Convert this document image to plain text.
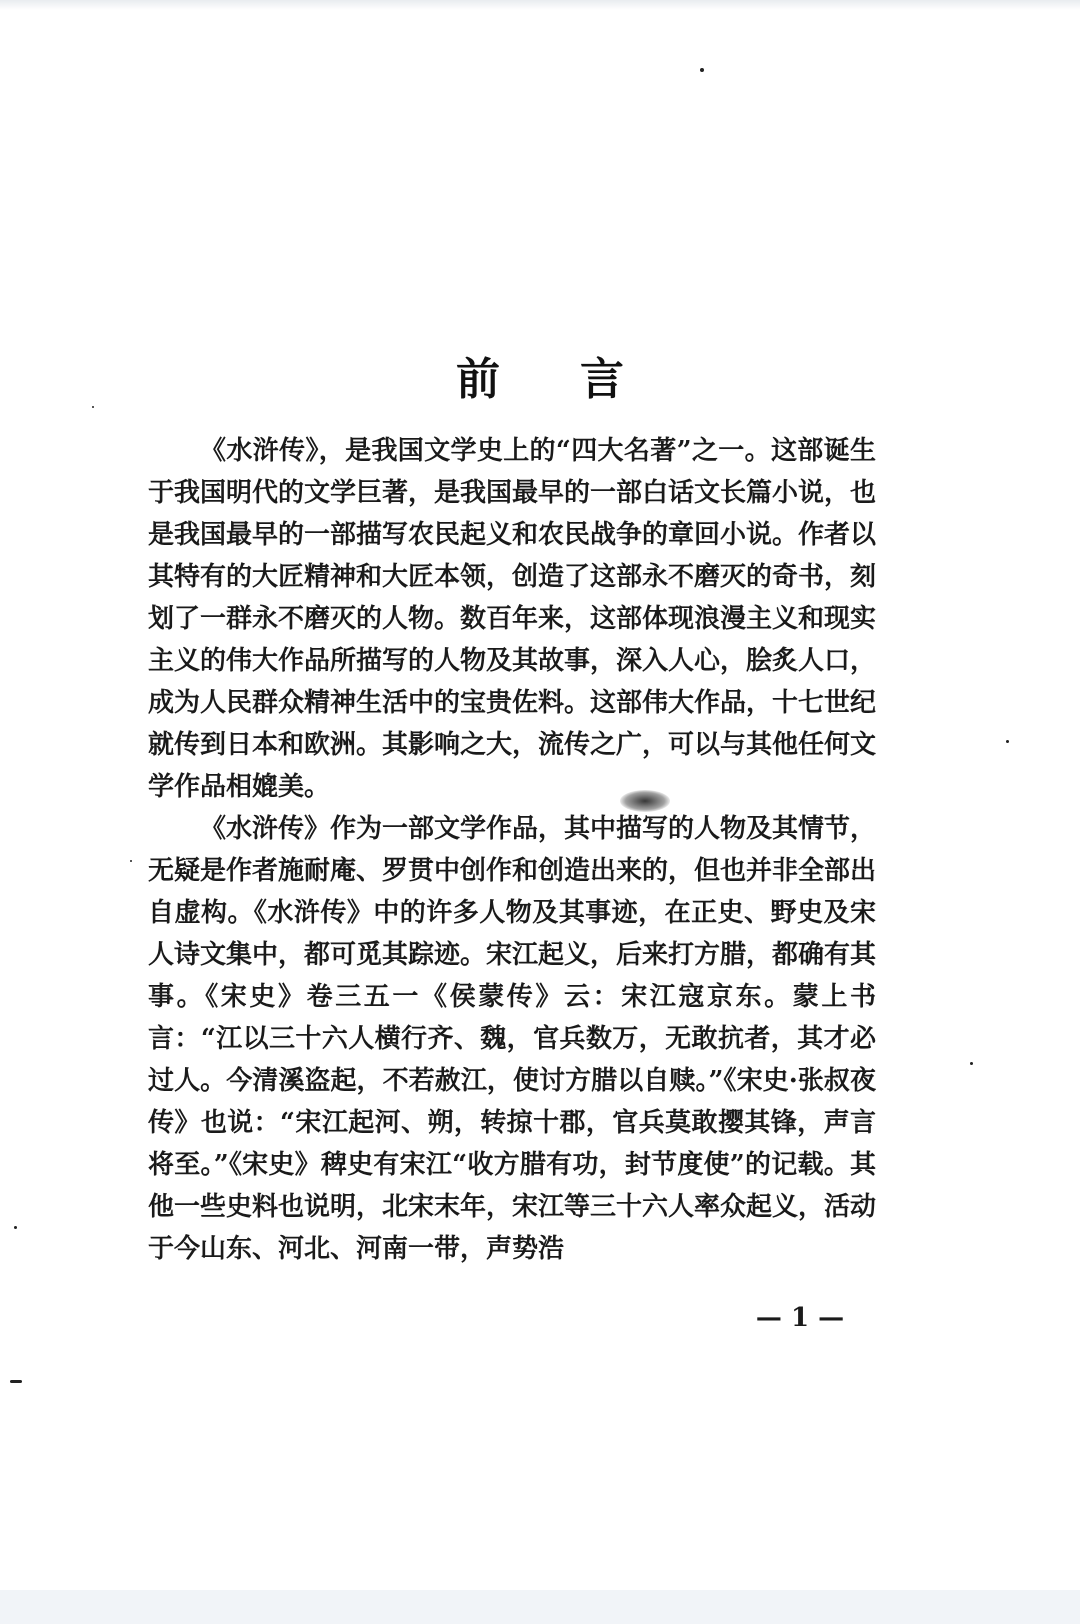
前言

《水浒传》，是我国文学史上的“四大名著”之一。这部诞生于我国明代的文学巨著，是我国最早的一部白话文长篇小说，也是我国最早的一部描写农民起义和农民战争的章回小说。作者以其特有的大匠精神和大匠本领，创造了这部永不磨灭的奇书，刻划了一群永不磨灭的人物。数百年来，这部体现浪漫主义和现实主义的伟大作品所描写的人物及其故事，深入人心，脍炙人口，成为人民群众精神生活中的宝贵佐料。这部伟大作品，十七世纪就传到日本和欧洲。其影响之大，流传之广，可以与其他任何文学作品相媲美。

《水浒传》作为一部文学作品，其中描写的人物及其情节，无疑是作者施耐庵、罗贯中创作和创造出来的，但也并非全部出自虚构。《水浒传》中的许多人物及其事迹，在正史、野史及宋人诗文集中，都可觅其踪迹。宋江起义，后来打方腊，都确有其事。《宋史》卷三五一《侯蒙传》云：宋江寇京东。蒙上书言：“江以三十六人横行齐、魏，官兵数万，无敢抗者，其才必过人。今清溪盗起，不若赦江，使讨方腊以自赎。”《宋史·张叔夜传》也说：“宋江起河、朔，转掠十郡，官兵莫敢撄其锋，声言将至。”《宋史》稗史有宋江“收方腊有功，封节度使”的记载。其他一些史料也说明，北宋末年，宋江等三十六人率众起义，活动于今山东、河北、河南一带，声势浩

— 1 —
